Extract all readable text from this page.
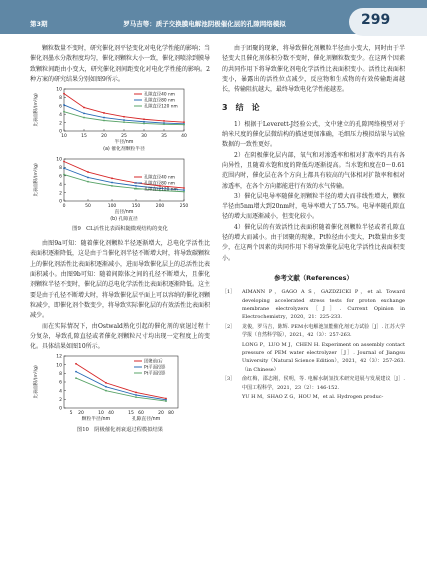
第3期	罗马吉等：质子交换膜电解池阴极催化层的孔隙网络模拟	299

颗粒数量不变时，研究催化剂平径变化对电化学性能的影响；当催化剂墨水分散程度均匀，催化剂颗粒大小一致，催化剂喷涂到膜导致颗粒间距由小变大，研究催化剂间距变化对电化学性能的影响。2种方案的研究结果分别如图9所示。

0
2
4
6
8
10
10	15	20	25	30	35	40
比表面积/(m²/g)
半径/nm
(a) 催化剂颗粒半径
孔隙直径40 nm
孔隙直径80 nm
孔隙直径120 nm
0
2
4
6
8
10
0	50	100	150	200	250
比表面积/(m²/g)
直径/nm
(b) 孔隙直径
孔隙直径40 nm
孔隙直径80 nm
孔隙直径120 nm
图9　CL活性比表面积随微观结构的变化

由图9a可知：随着催化剂颗粒半径逐渐增大，总电化学活性比表面积逐渐降低，这是由于当催化剂半径不断增大时，将导致碳颗粒上的催化剂活性比表面积逐渐减小，进而导致催化层上的总活性比表面积减小。由图9b可知：随着间隙体之间的孔径不断增大，且催化剂颗粒半径不变时，催化层的总电化学活性比表面积逐渐降低。这主要是由于孔径不断增大时，将导致催化层平面上可以容纳的催化剂颗粒减少，即催化剂个数变少，将导致实际催化层的有效活性比表面积减少。

而在实际情况下，由Ostwald熟化引起的催化剂的衰退过程十分复杂，导致孔隙直径或者催化剂颗粒尺寸均出现一定程度上的变化。具体结果如图10所示。

0
2
4
6
8
10
12
5 20	10 40	15 60	20 80
比表面积/(m²/g)
颗粒半径/nm	孔隙直径/nm
团聚前/后
Pt平面投影
Pt平面投影
图10　阴极催化剂衰退过程模拟结果

由于团聚的现象，将导致催化剂颗粒半径由小变大，同时由于半径变大且催化剂体积分数不变时，催化剂颗粒数变少。在这两个因素的共同作用下将导致催化剂电化学活性比表面积变小。活性比表面积变小，暴露出的活性位点减少，反应物和生成物的有效传输距离越长，传输阻抗越大，最终导致电化学性能越差。

3 结　论

1）根据于Leverett-J经验公式，文中建立的孔隙网络模型对于纳米尺度的催化层微结构的描述更加准确，毛细压力模拟结果与试验数据的一致性更好。

2）在阴极催化层内部，氧气和对渗透率和相对扩散率约具有各向异性，且随着水饱和度的降低均逐渐提高。当水饱和度在0～0.61范围内时，催化层在各个方向上都具有较高的气体相对扩散率和相对渗透率，在各个方向都能进行有效的水气传输。

3）催化层电导率随催化剂颗粒半径的增大而非线性增大，颗粒半径由5nm增大到20nm时，电导率增大了55.7%。电导率随孔隙直径的增大而逐渐减小，但变化较小。

4）催化层的有效活性比表面积随着催化剂颗粒半径或者孔隙直径的增大而减小。由于团聚的现象，Pt粒径由小变大，Pt数量由多变少，在这两个因素的共同作用下将导致催化层电化学活性比表面积变小。

参考文献（References）
［1］	AIMANN P，GAGO A S，GAZDZICKI P，et al. Toward developing accelerated stress tests for proton exchange membrane electrolyzers［J］. Current Opinion in Electrochemistry，2020，21：225-233.
［2］	龙俊，罗马吉，陈辉. PEM水电解池氢能催化剂无力试验［J］. 江苏大学学报（自然科学版），2021，42（3）：257-263.
LONG P，LUO M J，CHEN H. Experiment on assembly contact pressure of PEM water electrolyzer［J］. Journal of Jiangsu University（Natural Science Edition），2021，42（3）：257-263.（in Chinese）
［3］	俞红梅，邵志刚，侯明，等. 电解水制氢技术研究进展与发展建议［J］. 中国工程科学，2021，23（2）：146-152.
YU H M，SHAO Z G，HOU M，et al. Hydrogen produc-
